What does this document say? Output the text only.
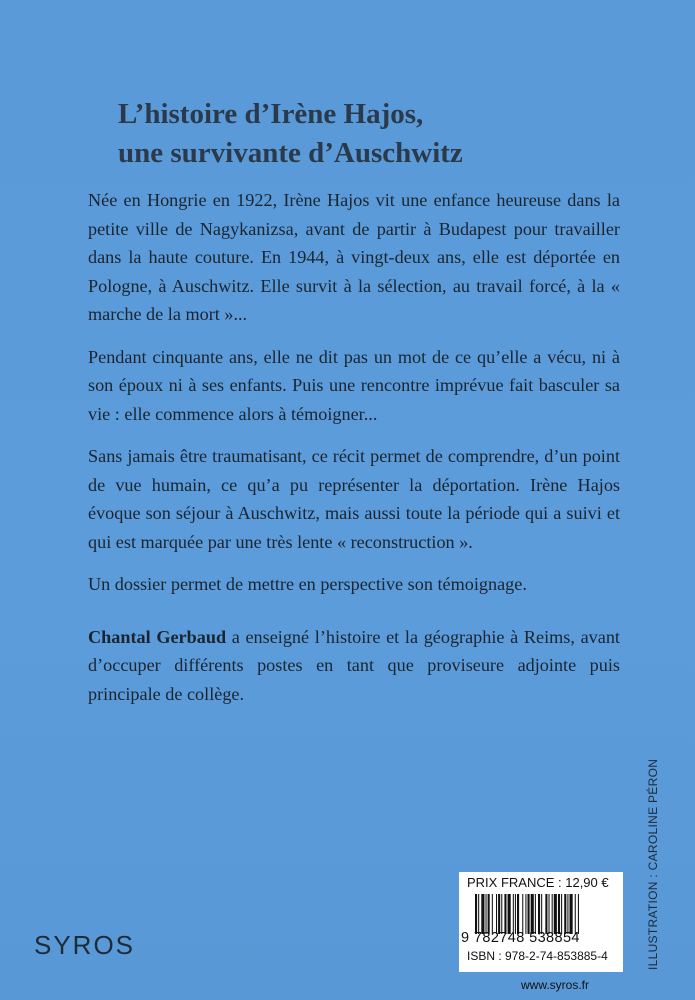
L’histoire d’Irène Hajos,
une survivante d’Auschwitz

Née en Hongrie en 1922, Irène Hajos vit une enfance heureuse dans la petite ville de Nagykanizsa, avant de partir à Budapest pour travailler dans la haute couture. En 1944, à vingt-deux ans, elle est déportée en Pologne, à Auschwitz. Elle survit à la sélection, au travail forcé, à la « marche de la mort »...

Pendant cinquante ans, elle ne dit pas un mot de ce qu’elle a vécu, ni à son époux ni à ses enfants. Puis une rencontre imprévue fait basculer sa vie : elle commence alors à témoigner...

Sans jamais être traumatisant, ce récit permet de comprendre, d’un point de vue humain, ce qu’a pu représenter la déportation. Irène Hajos évoque son séjour à Auschwitz, mais aussi toute la période qui a suivi et qui est marquée par une très lente « reconstruction ».

Un dossier permet de mettre en perspective son témoignage.

Chantal Gerbaud a enseigné l’histoire et la géographie à Reims, avant d’occuper différents postes en tant que proviseure adjointe puis principale de collège.

ILLUSTRATION : CAROLINE PÉRON
SYROS
PRIX FRANCE : 12,90 €
9 782748 538854
ISBN : 978-2-74-853885-4
www.syros.fr
